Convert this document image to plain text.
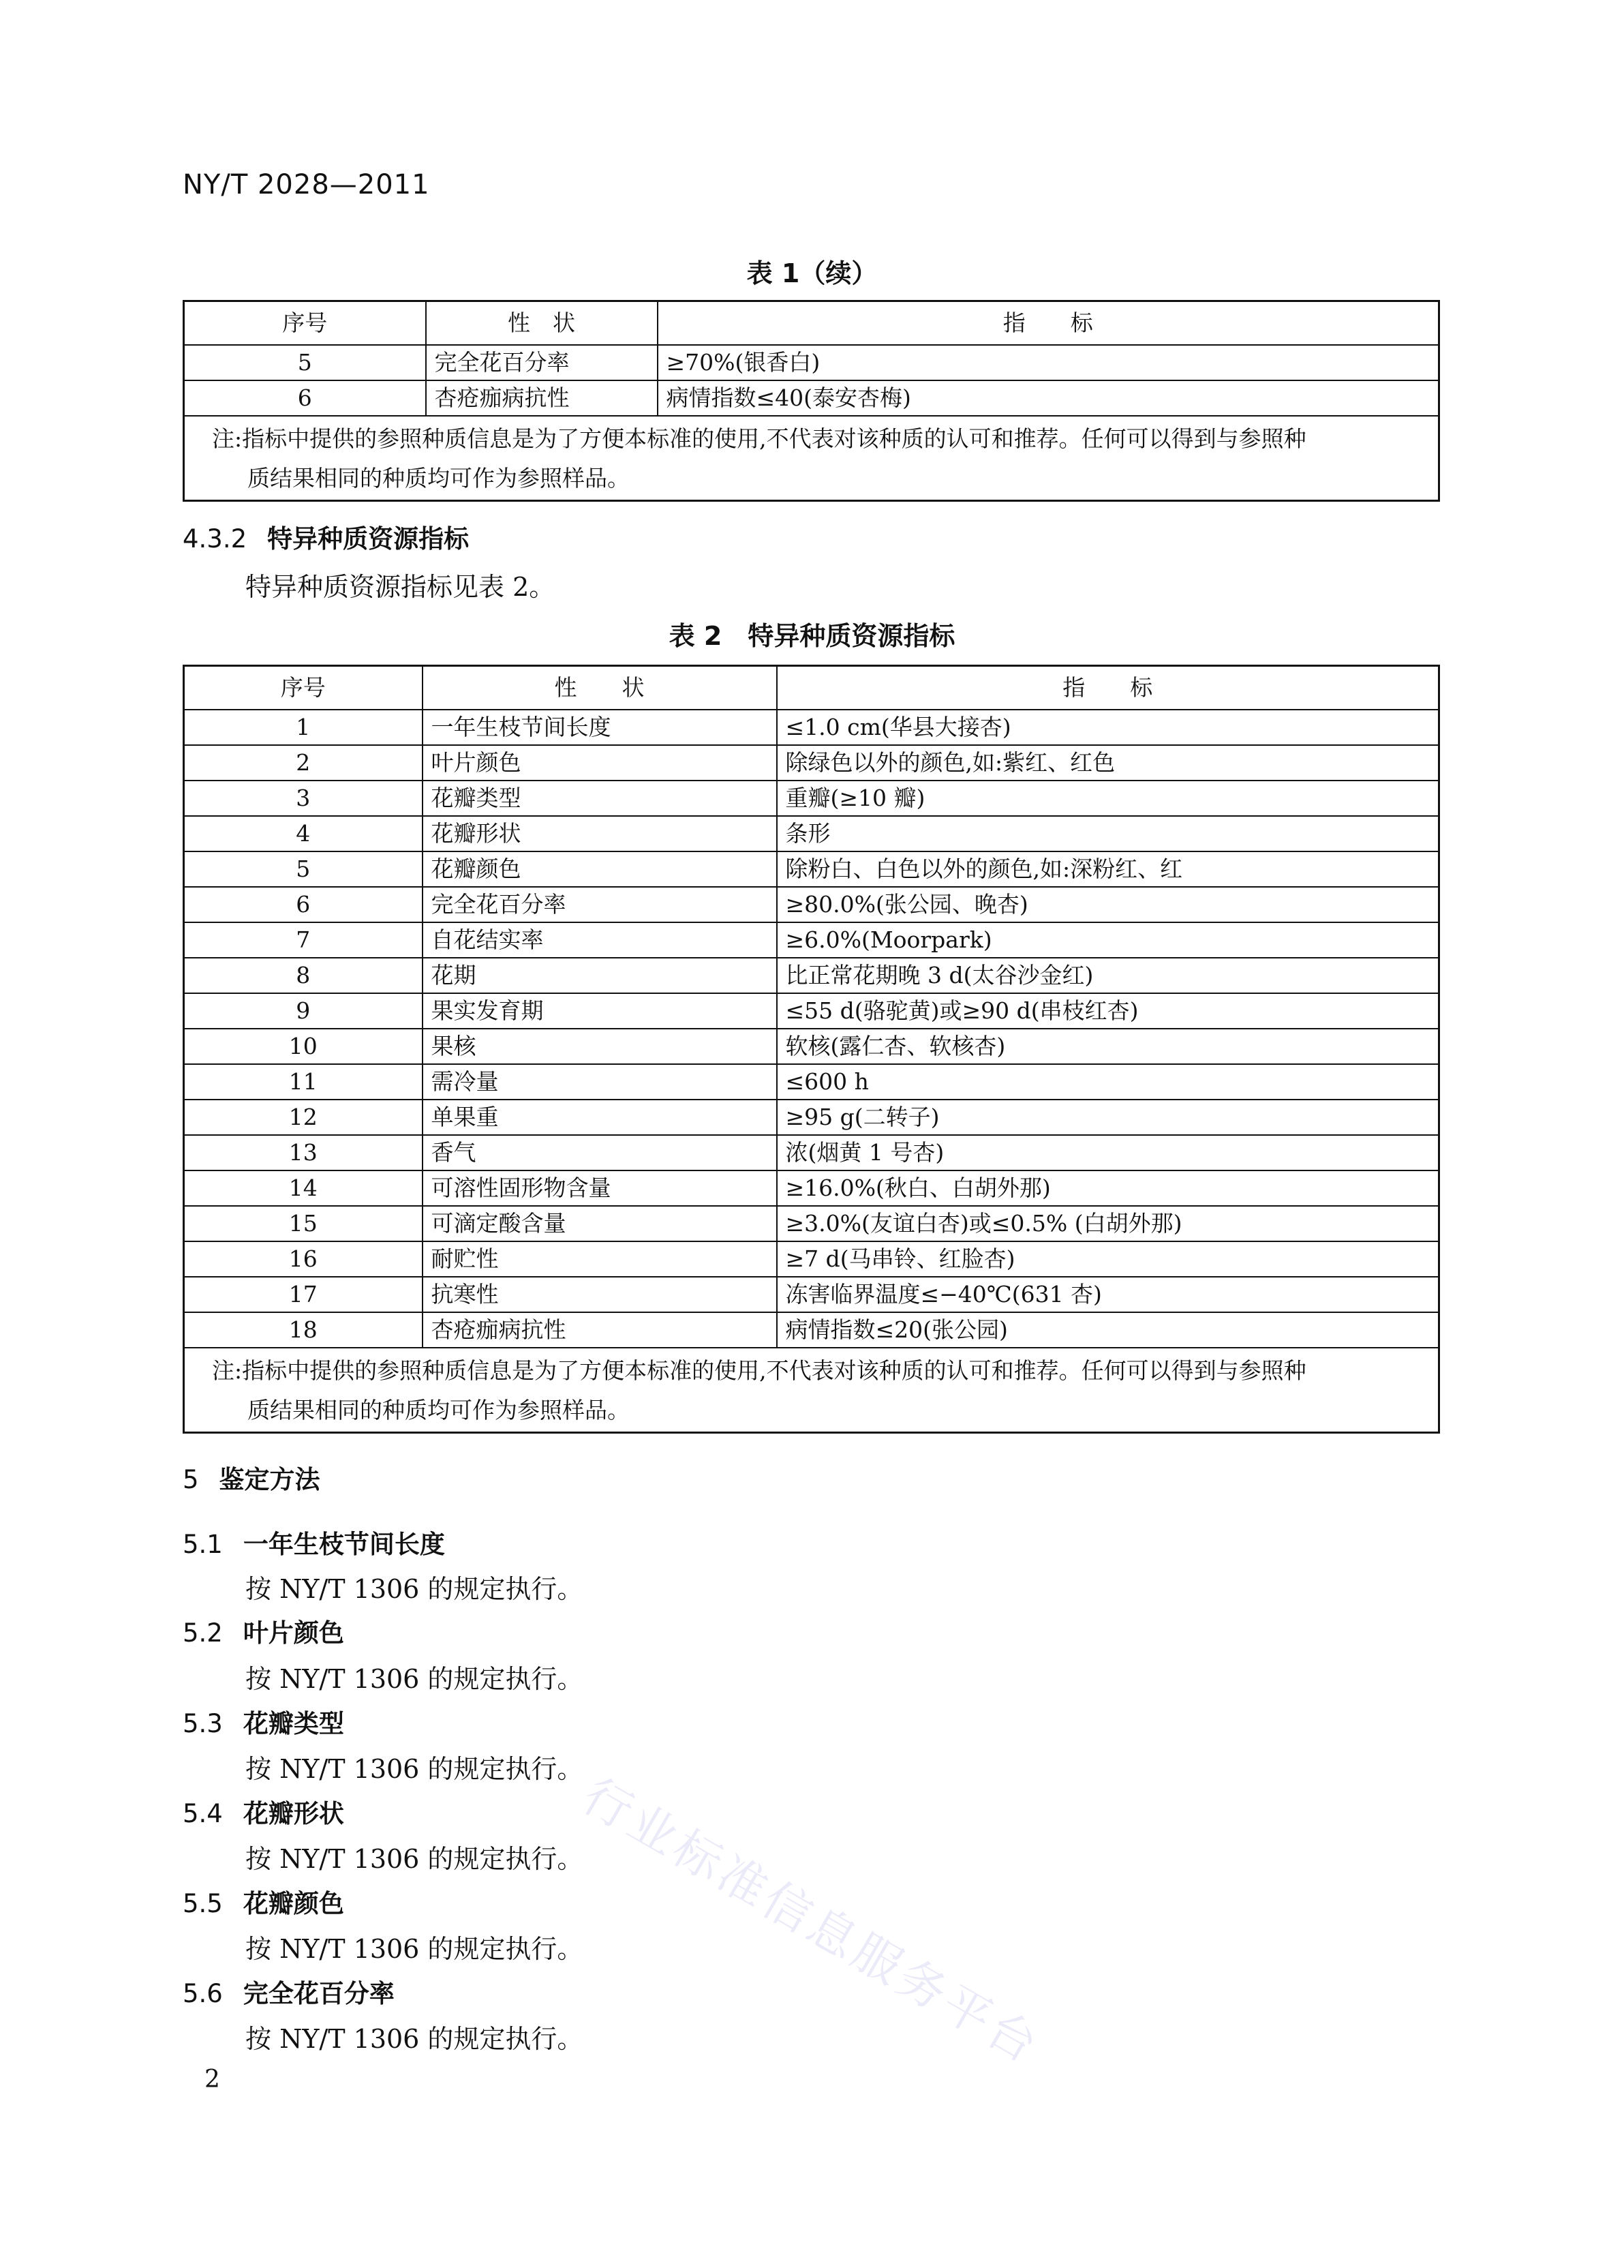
NY/T 2028—2011
表 1（续）
序号	性　状	指　　标
5	完全花百分率	≥70%(银香白)
6	杏疮痂病抗性	病情指数≤40(泰安杏梅)
注:指标中提供的参照种质信息是为了方便本标准的使用,不代表对该种质的认可和推荐。任何可以得到与参照种
质结果相同的种质均可作为参照样品。		
4.3.2 特异种质资源指标
特异种质资源指标见表 2。
表 2　特异种质资源指标
序号	性　　状	指　　标
1	一年生枝节间长度	≤1.0 cm(华县大接杏)
2	叶片颜色	除绿色以外的颜色,如:紫红、红色
3	花瓣类型	重瓣(≥10 瓣)
4	花瓣形状	条形
5	花瓣颜色	除粉白、白色以外的颜色,如:深粉红、红
6	完全花百分率	≥80.0%(张公园、晚杏)
7	自花结实率	≥6.0%(Moorpark)
8	花期	比正常花期晚 3 d(太谷沙金红)
9	果实发育期	≤55 d(骆驼黄)或≥90 d(串枝红杏)
10	果核	软核(露仁杏、软核杏)
11	需冷量	≤600 h
12	单果重	≥95 g(二转子)
13	香气	浓(烟黄 1 号杏)
14	可溶性固形物含量	≥16.0%(秋白、白胡外那)
15	可滴定酸含量	≥3.0%(友谊白杏)或≤0.5% (白胡外那)
16	耐贮性	≥7 d(马串铃、红脸杏)
17	抗寒性	冻害临界温度≤−40℃(631 杏)
18	杏疮痂病抗性	病情指数≤20(张公园)
注:指标中提供的参照种质信息是为了方便本标准的使用,不代表对该种质的认可和推荐。任何可以得到与参照种
质结果相同的种质均可作为参照样品。		
5 鉴定方法
5.1 一年生枝节间长度
按 NY/T 1306 的规定执行。
5.2 叶片颜色
按 NY/T 1306 的规定执行。
5.3 花瓣类型
按 NY/T 1306 的规定执行。
5.4 花瓣形状
按 NY/T 1306 的规定执行。
5.5 花瓣颜色
按 NY/T 1306 的规定执行。
5.6 完全花百分率
按 NY/T 1306 的规定执行。
行业标准信息服务平台
2
